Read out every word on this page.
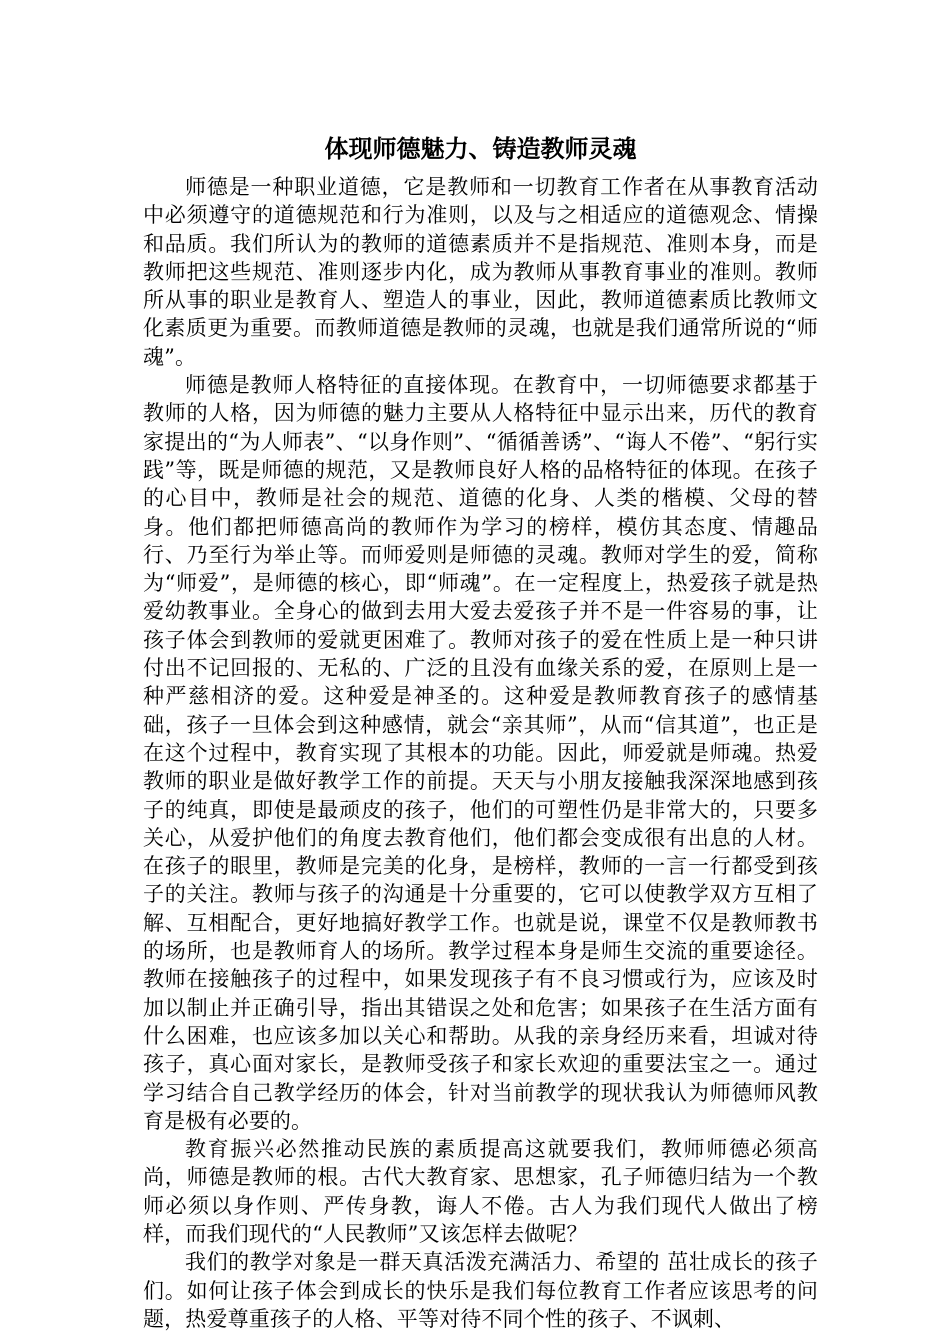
体现师德魅力、铸造教师灵魂

师德是一种职业道德，它是教师和一切教育工作者在从事教育活动中必须遵守的道德规范和行为准则，以及与之相适应的道德观念、情操和品质。我们所认为的教师的道德素质并不是指规范、准则本身，而是教师把这些规范、准则逐步内化，成为教师从事教育事业的准则。教师所从事的职业是教育人、塑造人的事业，因此，教师道德素质比教师文化素质更为重要。而教师道德是教师的灵魂，也就是我们通常所说的“师魂”。

师德是教师人格特征的直接体现。在教育中，一切师德要求都基于教师的人格，因为师德的魅力主要从人格特征中显示出来，历代的教育家提出的“为人师表”、“以身作则”、“循循善诱”、“诲人不倦”、“躬行实践”等，既是师德的规范，又是教师良好人格的品格特征的体现。在孩子的心目中，教师是社会的规范、道德的化身、人类的楷模、父母的替身。他们都把师德高尚的教师作为学习的榜样，模仿其态度、情趣品行、乃至行为举止等。而师爱则是师德的灵魂。教师对学生的爱，简称为“师爱”，是师德的核心，即“师魂”。在一定程度上，热爱孩子就是热爱幼教事业。全身心的做到去用大爱去爱孩子并不是一件容易的事，让孩子体会到教师的爱就更困难了。教师对孩子的爱在性质上是一种只讲付出不记回报的、无私的、广泛的且没有血缘关系的爱，在原则上是一种严慈相济的爱。这种爱是神圣的。这种爱是教师教育孩子的感情基础，孩子一旦体会到这种感情，就会“亲其师”，从而“信其道”，也正是在这个过程中，教育实现了其根本的功能。因此，师爱就是师魂。热爱教师的职业是做好教学工作的前提。天天与小朋友接触我深深地感到孩子的纯真，即使是最顽皮的孩子，他们的可塑性仍是非常大的，只要多关心，从爱护他们的角度去教育他们，他们都会变成很有出息的人材。在孩子的眼里，教师是完美的化身，是榜样，教师的一言一行都受到孩子的关注。教师与孩子的沟通是十分重要的，它可以使教学双方互相了解、互相配合，更好地搞好教学工作。也就是说，课堂不仅是教师教书的场所，也是教师育人的场所。教学过程本身是师生交流的重要途径。教师在接触孩子的过程中，如果发现孩子有不良习惯或行为，应该及时加以制止并正确引导，指出其错误之处和危害；如果孩子在生活方面有什么困难，也应该多加以关心和帮助。从我的亲身经历来看，坦诚对待孩子，真心面对家长，是教师受孩子和家长欢迎的重要法宝之一。通过学习结合自己教学经历的体会，针对当前教学的现状我认为师德师风教育是极有必要的。

教育振兴必然推动民族的素质提高这就要我们，教师师德必须高尚，师德是教师的根。古代大教育家、思想家，孔子师德归结为一个教师必须以身作则、严传身教，诲人不倦。古人为我们现代人做出了榜样，而我们现代的“人民教师”又该怎样去做呢？

我们的教学对象是一群天真活泼充满活力、希望的 茁壮成长的孩子们。如何让孩子体会到成长的快乐是我们每位教育工作者应该思考的问题，热爱尊重孩子的人格、平等对待不同个性的孩子、不讽刺、
